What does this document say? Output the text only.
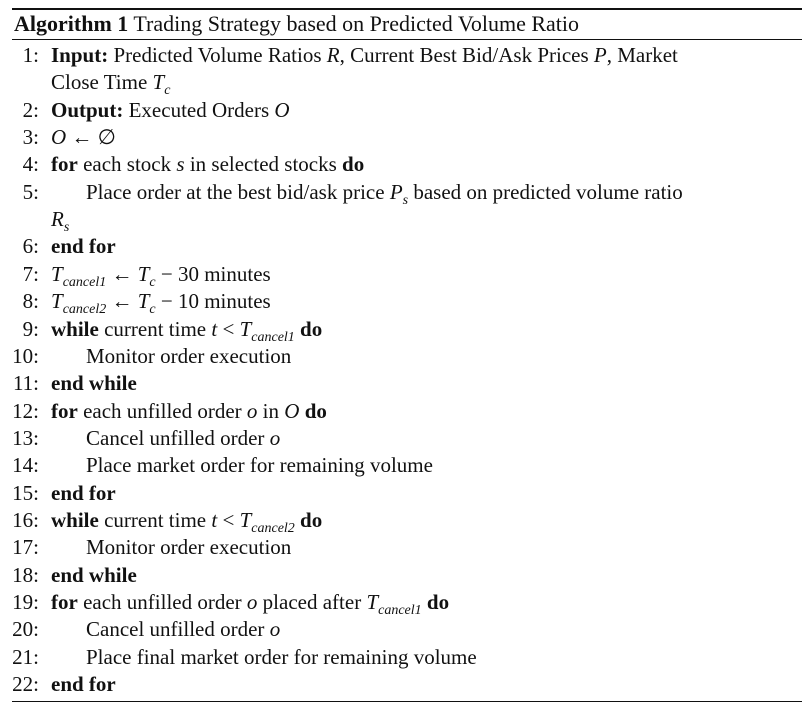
Algorithm 1 Trading Strategy based on Predicted Volume Ratio
1: Input: Predicted Volume Ratios R, Current Best Bid/Ask Prices P, Market
Close Time $T_c$
2: Output: Executed Orders O
3: O ← ∅
4: for each stock s in selected stocks do
5: Place order at the best bid/ask price $P_s$ based on predicted volume ratio
$R_s$
6: end for
7: $T_{cancel1}$ ← $T_c - 30$ minutes
8: $T_{cancel2}$ ← $T_c - 10$ minutes
9: while current time $t < T_{cancel1}$ do
10: Monitor order execution
11: end while
12: for each unfilled order o in O do
13: Cancel unfilled order o
14: Place market order for remaining volume
15: end for
16: while current time $t < T_{cancel2}$ do
17: Monitor order execution
18: end while
19: for each unfilled order o placed after $T_{cancel1}$ do
20: Cancel unfilled order o
21: Place final market order for remaining volume
22: end for
